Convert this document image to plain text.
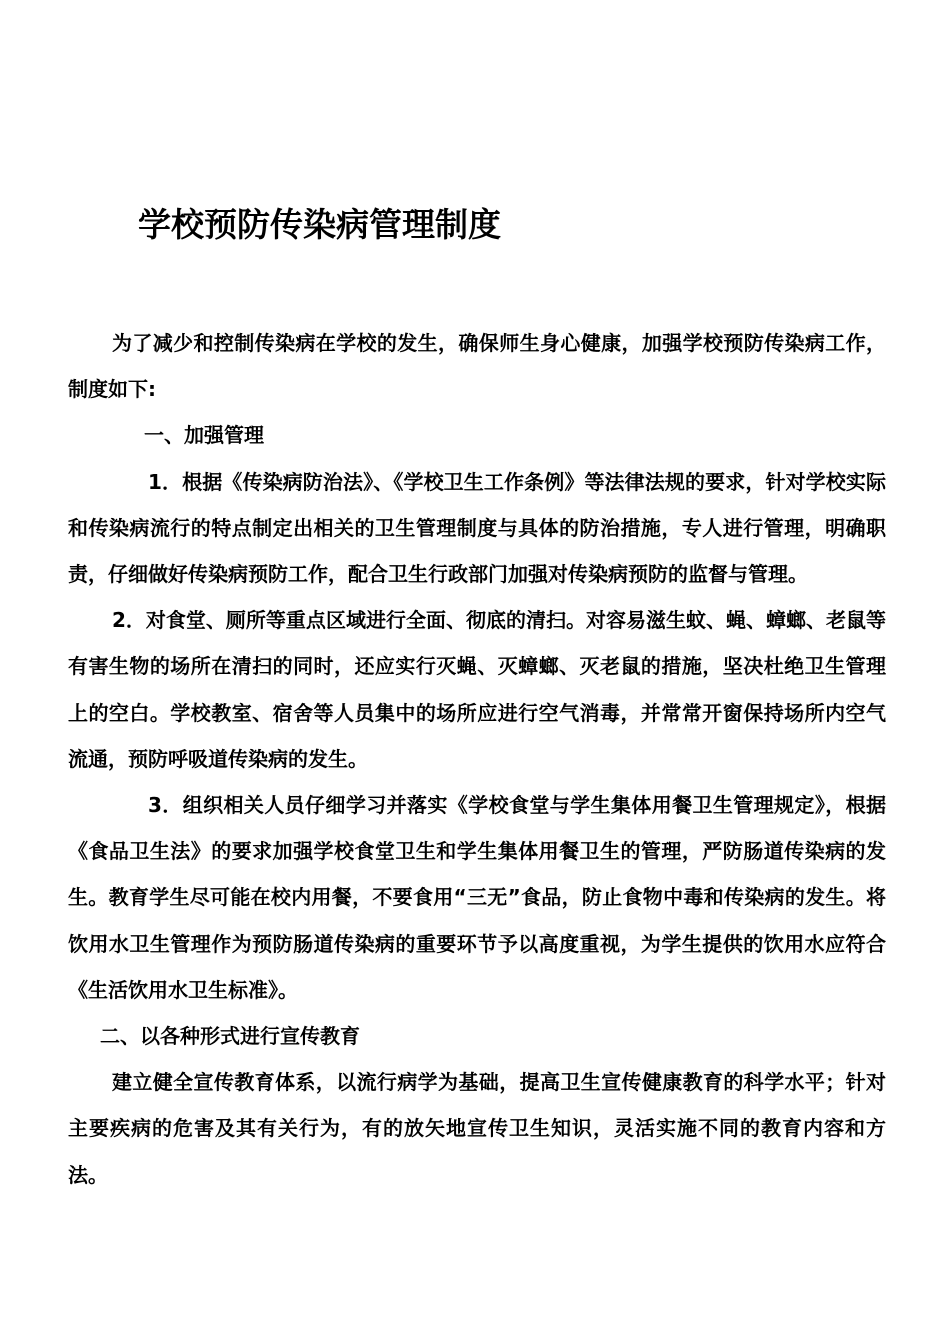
学校预防传染病管理制度

为了减少和控制传染病在学校的发生，确保师生身心健康，加强学校预防传染病工作，制度如下:

一、加强管理

1．根据《传染病防治法》、《学校卫生工作条例》等法律法规的要求，针对学校实际和传染病流行的特点制定出相关的卫生管理制度与具体的防治措施，专人进行管理，明确职责，仔细做好传染病预防工作，配合卫生行政部门加强对传染病预防的监督与管理。

2．对食堂、厕所等重点区域进行全面、彻底的清扫。对容易滋生蚊、蝇、蟑螂、老鼠等有害生物的场所在清扫的同时，还应实行灭蝇、灭蟑螂、灭老鼠的措施，坚决杜绝卫生管理上的空白。学校教室、宿舍等人员集中的场所应进行空气消毒，并常常开窗保持场所内空气流通，预防呼吸道传染病的发生。

3．组织相关人员仔细学习并落实《学校食堂与学生集体用餐卫生管理规定》，根据《食品卫生法》的要求加强学校食堂卫生和学生集体用餐卫生的管理，严防肠道传染病的发生。教育学生尽可能在校内用餐，不要食用“三无”食品，防止食物中毒和传染病的发生。将饮用水卫生管理作为预防肠道传染病的重要环节予以高度重视，为学生提供的饮用水应符合《生活饮用水卫生标准》。

二、以各种形式进行宣传教育

建立健全宣传教育体系，以流行病学为基础，提高卫生宣传健康教育的科学水平；针对主要疾病的危害及其有关行为，有的放矢地宣传卫生知识，灵活实施不同的教育内容和方法。
